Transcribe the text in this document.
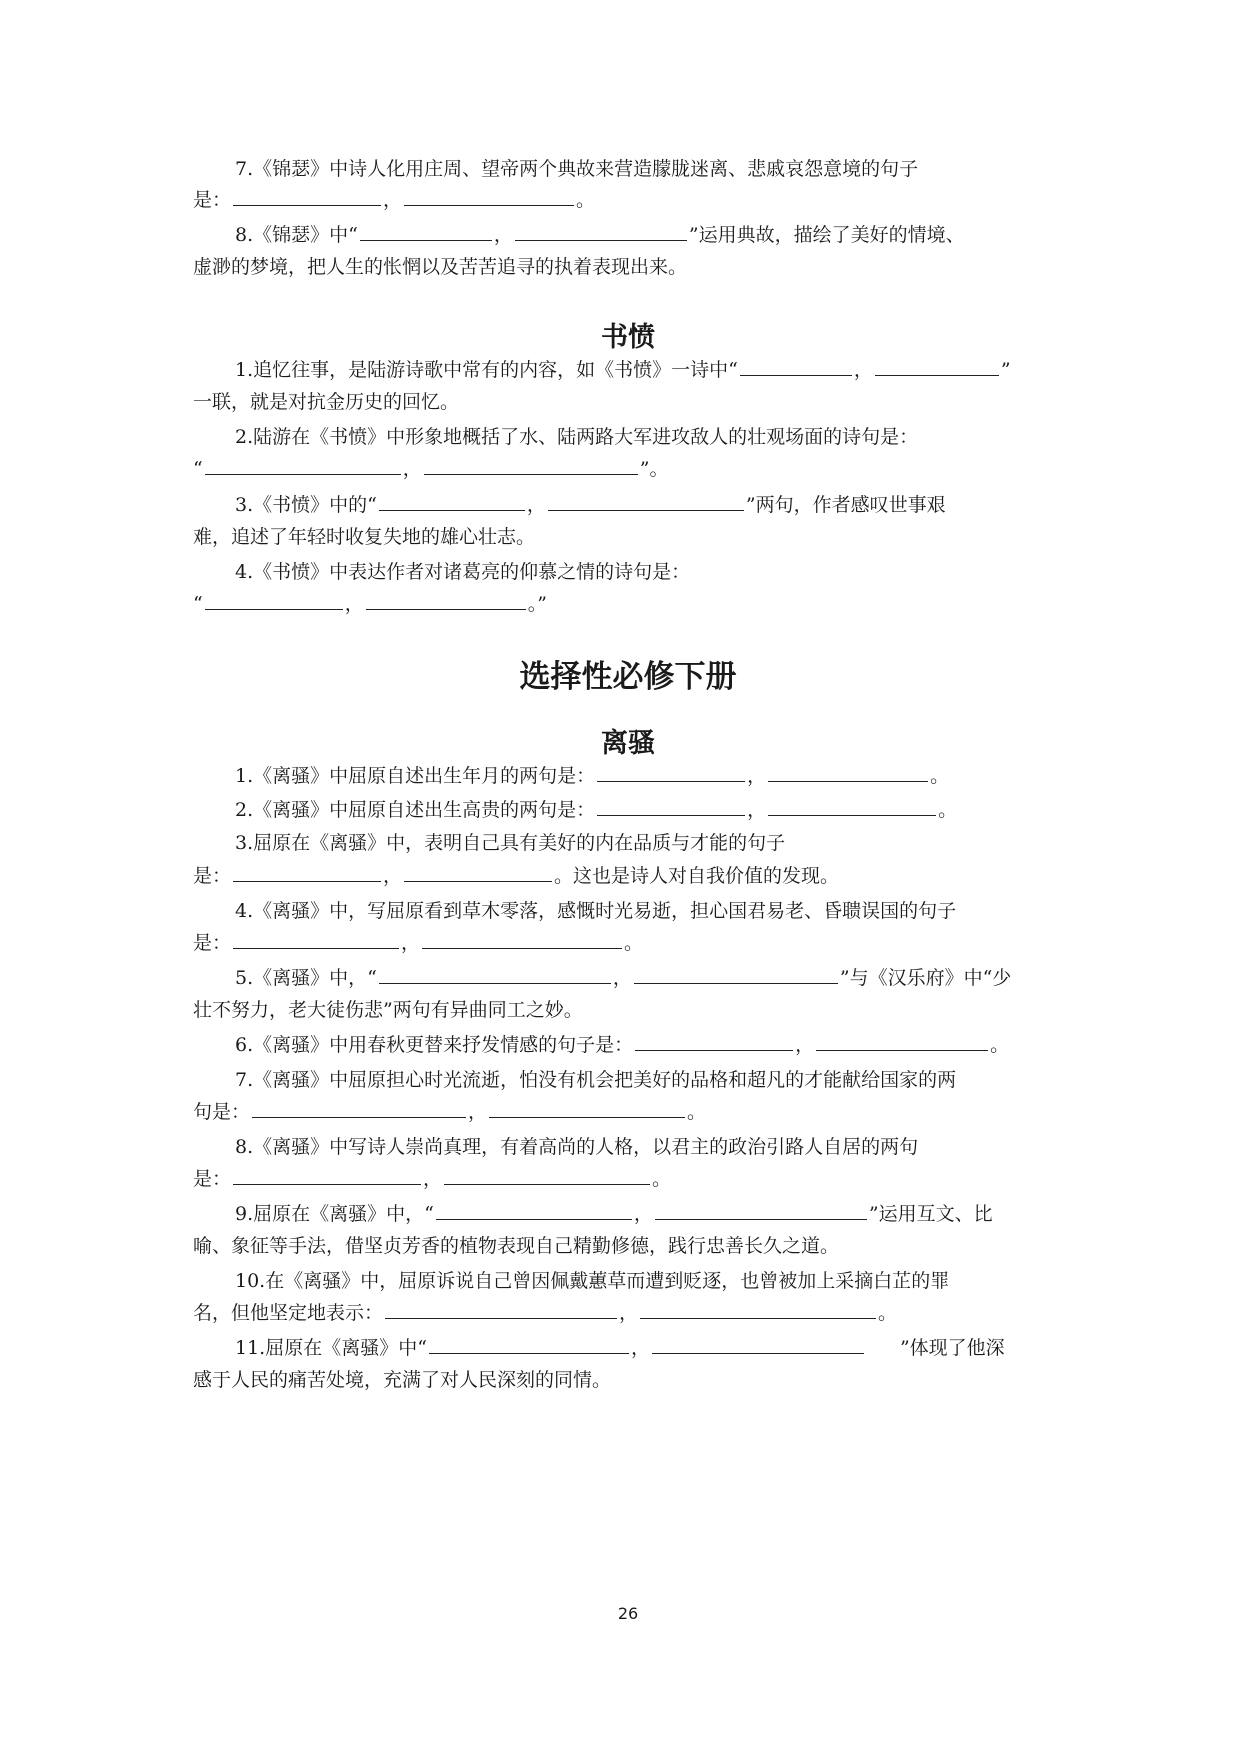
7.《锦瑟》中诗人化用庄周、望帝两个典故来营造朦胧迷离、悲戚哀怨意境的句子
是：	，	。
8.《锦瑟》中“	，	”运用典故，描绘了美好的情境、
虚渺的梦境，把人生的怅惘以及苦苦追寻的执着表现出来。
书愤
1.追忆往事，是陆游诗歌中常有的内容，如《书愤》一诗中“	，	”
一联，就是对抗金历史的回忆。
2.陆游在《书愤》中形象地概括了水、陆两路大军进攻敌人的壮观场面的诗句是：
“	，	”。
3.《书愤》中的“	，	”两句，作者感叹世事艰
难，追述了年轻时收复失地的雄心壮志。
4.《书愤》中表达作者对诸葛亮的仰慕之情的诗句是：
“	，	。”
选择性必修下册
离骚
1.《离骚》中屈原自述出生年月的两句是：	，	。
2.《离骚》中屈原自述出生高贵的两句是：	，	。
3.屈原在《离骚》中，表明自己具有美好的内在品质与才能的句子
是：	，	。这也是诗人对自我价值的发现。
4.《离骚》中，写屈原看到草木零落，感慨时光易逝，担心国君易老、昏聩误国的句子
是：	，	。
5.《离骚》中，“	，	”与《汉乐府》中“少
壮不努力，老大徒伤悲”两句有异曲同工之妙。
6.《离骚》中用春秋更替来抒发情感的句子是：	，	。
7.《离骚》中屈原担心时光流逝，怕没有机会把美好的品格和超凡的才能献给国家的两
句是：	，	。
8.《离骚》中写诗人崇尚真理，有着高尚的人格，以君主的政治引路人自居的两句
是：	，	。
9.屈原在《离骚》中，“	，	”运用互文、比
喻、象征等手法，借坚贞芳香的植物表现自己精勤修德，践行忠善长久之道。
10.在《离骚》中，屈原诉说自己曾因佩戴蕙草而遭到贬逐，也曾被加上采摘白芷的罪
名，但他坚定地表示：	，	。
11.屈原在《离骚》中“	，	”体现了他深
感于人民的痛苦处境，充满了对人民深刻的同情。
26
